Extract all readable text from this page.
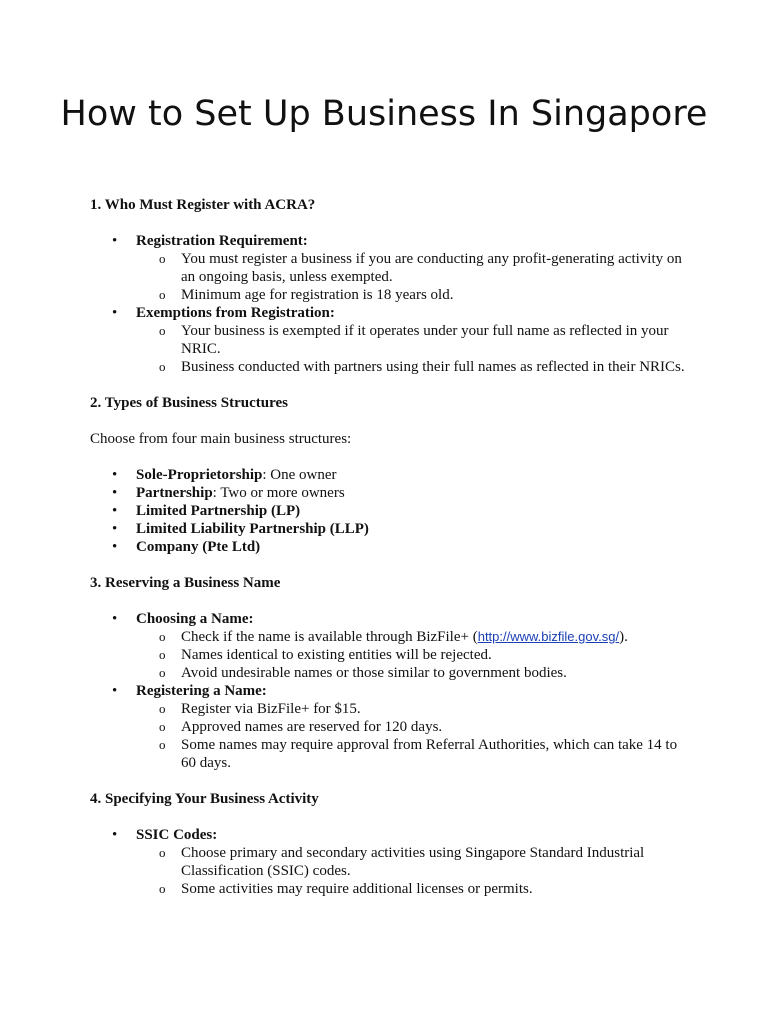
How to Set Up Business In Singapore

1. Who Must Register with ACRA?

• Registration Requirement:
o You must register a business if you are conducting any profit-generating activity on an ongoing basis, unless exempted.
o Minimum age for registration is 18 years old.
• Exemptions from Registration:
o Your business is exempted if it operates under your full name as reflected in your NRIC.
o Business conducted with partners using their full names as reflected in their NRICs.

2. Types of Business Structures

Choose from four main business structures:

• Sole-Proprietorship: One owner
• Partnership: Two or more owners
• Limited Partnership (LP)
• Limited Liability Partnership (LLP)
• Company (Pte Ltd)

3. Reserving a Business Name

• Choosing a Name:
o Check if the name is available through BizFile+ (http://www.bizfile.gov.sg/).
o Names identical to existing entities will be rejected.
o Avoid undesirable names or those similar to government bodies.
• Registering a Name:
o Register via BizFile+ for $15.
o Approved names are reserved for 120 days.
o Some names may require approval from Referral Authorities, which can take 14 to 60 days.

4. Specifying Your Business Activity

• SSIC Codes:
o Choose primary and secondary activities using Singapore Standard Industrial Classification (SSIC) codes.
o Some activities may require additional licenses or permits.
